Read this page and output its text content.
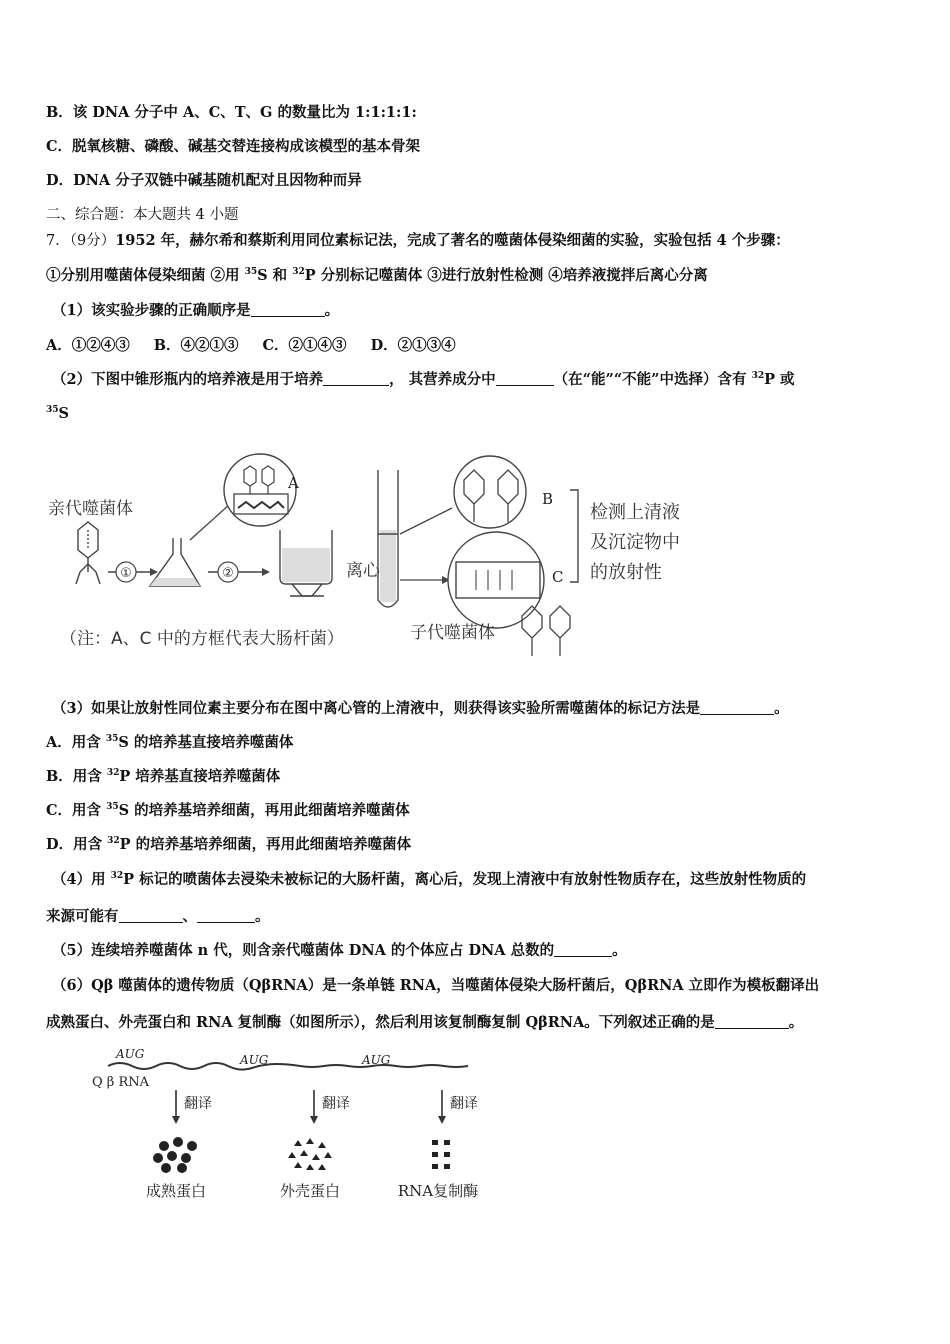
B．该 DNA 分子中 A、C、T、G 的数量比为 1:1:1:1:
C．脱氧核糖、磷酸、碱基交替连接构成该模型的基本骨架
D．DNA 分子双链中碱基随机配对且因物种而异
二、综合题：本大题共 4 小题
7．（9分）1952 年，赫尔希和蔡斯利用同位素标记法，完成了著名的噬菌体侵染细菌的实验，实验包括 4 个步骤：
①分别用噬菌体侵染细菌 ②用 $^{35}$S 和 $^{32}$P 分别标记噬菌体 ③进行放射性检测 ④培养液搅拌后离心分离
（1）该实验步骤的正确顺序是	。
A．①②④③ B．④②①③ C．②①④③ D．②①③④
（2）下图中锥形瓶内的培养液是用于培养	， 其营养成分中	（在“能”“不能”中选择）含有 $^{32}$P 或
$^{35}$S
亲代噬菌体
①	②
A
离心
B
C
检测上清液
及沉淀物中
的放射性
（注：A、C 中的方框代表大肠杆菌）	子代噬菌体
（3）如果让放射性同位素主要分布在图中离心管的上清液中，则获得该实验所需噬菌体的标记方法是	。
A．用含 $^{35}$S 的培养基直接培养噬菌体
B．用含 $^{32}$P 培养基直接培养噬菌体
C．用含 $^{35}$S 的培养基培养细菌，再用此细菌培养噬菌体
D．用含 $^{32}$P 的培养基培养细菌，再用此细菌培养噬菌体
（4）用 $^{32}$P 标记的喷菌体去浸染未被标记的大肠杆菌，离心后，发现上清液中有放射性物质存在，这些放射性物质的
来源可能有	、	。
（5）连续培养噬菌体 n 代，则含亲代噬菌体 DNA 的个体应占 DNA 总数的	。
（6）Qβ 噬菌体的遗传物质（QβRNA）是一条单链 RNA，当噬菌体侵染大肠杆菌后，QβRNA 立即作为模板翻译出
成熟蛋白、外壳蛋白和 RNA 复制酶（如图所示），然后利用该复制酶复制 QβRNA。下列叙述正确的是	。
AUG	AUG	AUG
Q β RNA
翻译	翻译	翻译
成熟蛋白	外壳蛋白	RNA复制酶
